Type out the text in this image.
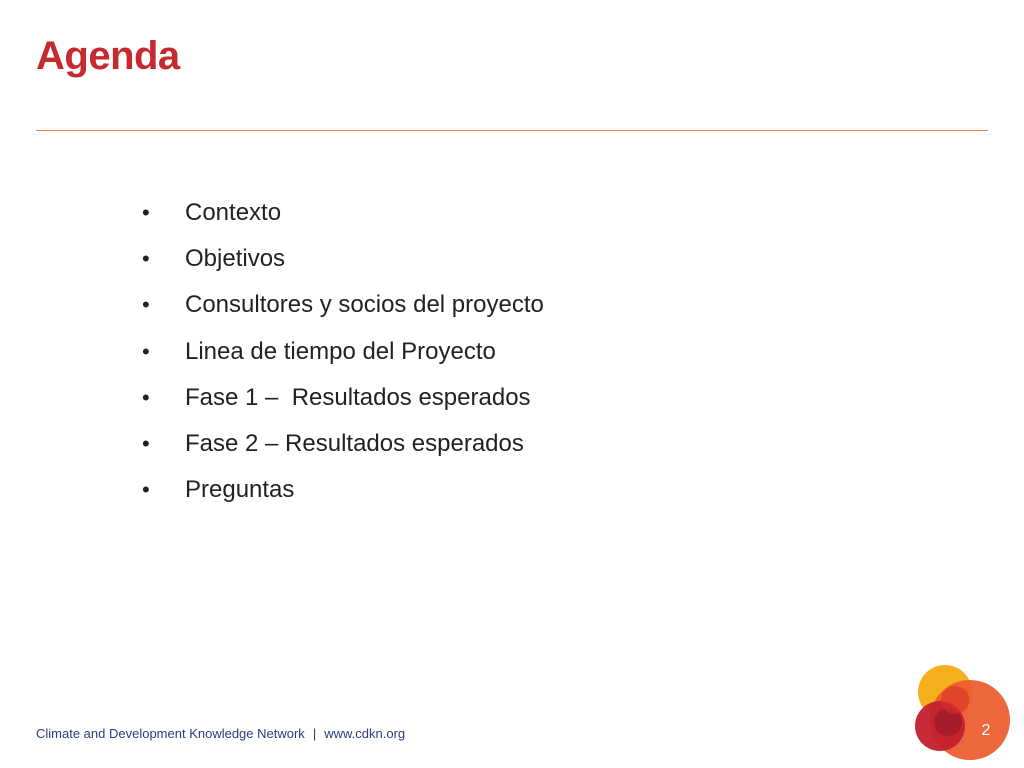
Agenda
•	Contexto
•	Objetivos
•	Consultores y socios del proyecto
•	Linea de tiempo del Proyecto
•	Fase 1 –  Resultados esperados
•	Fase 2 – Resultados esperados
•	Preguntas
Climate and Development Knowledge Network | www.cdkn.org	2
